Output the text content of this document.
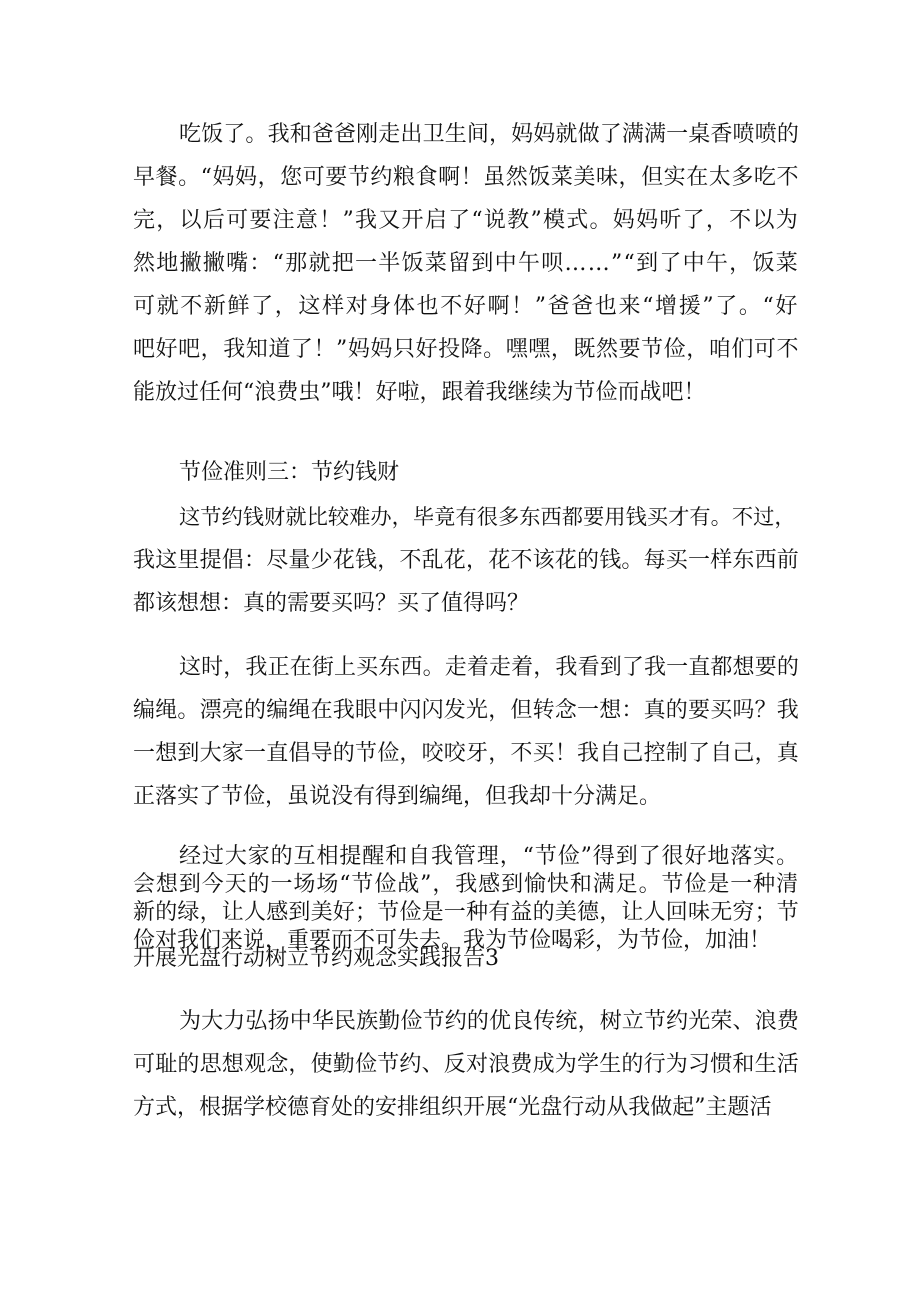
吃饭了。我和爸爸刚走出卫生间，妈妈就做了满满一桌香喷喷的
早餐。“妈妈，您可要节约粮食啊！虽然饭菜美味，但实在太多吃不
完，以后可要注意！”我又开启了“说教”模式。妈妈听了，不以为
然地撇撇嘴：“那就把一半饭菜留到中午呗……”“到了中午，饭菜
可就不新鲜了，这样对身体也不好啊！”爸爸也来“增援”了。“好
吧好吧，我知道了！”妈妈只好投降。嘿嘿，既然要节俭，咱们可不
能放过任何“浪费虫”哦！好啦，跟着我继续为节俭而战吧！
节俭准则三：节约钱财
这节约钱财就比较难办，毕竟有很多东西都要用钱买才有。不过，
我这里提倡：尽量少花钱，不乱花，花不该花的钱。每买一样东西前
都该想想：真的需要买吗？买了值得吗？
这时，我正在街上买东西。走着走着，我看到了我一直都想要的
编绳。漂亮的编绳在我眼中闪闪发光，但转念一想：真的要买吗？我
一想到大家一直倡导的节俭，咬咬牙，不买！我自己控制了自己，真
正落实了节俭，虽说没有得到编绳，但我却十分满足。
经过大家的互相提醒和自我管理，“节俭”得到了很好地落实。
会想到今天的一场场“节俭战”，我感到愉快和满足。节俭是一种清
新的绿，让人感到美好；节俭是一种有益的美德，让人回味无穷；节
俭对我们来说，重要而不可失去。我为节俭喝彩，为节俭，加油！
开展光盘行动树立节约观念实践报告3
为大力弘扬中华民族勤俭节约的优良传统，树立节约光荣、浪费
可耻的思想观念，使勤俭节约、反对浪费成为学生的行为习惯和生活
方式，根据学校德育处的安排组织开展“光盘行动从我做起”主题活
